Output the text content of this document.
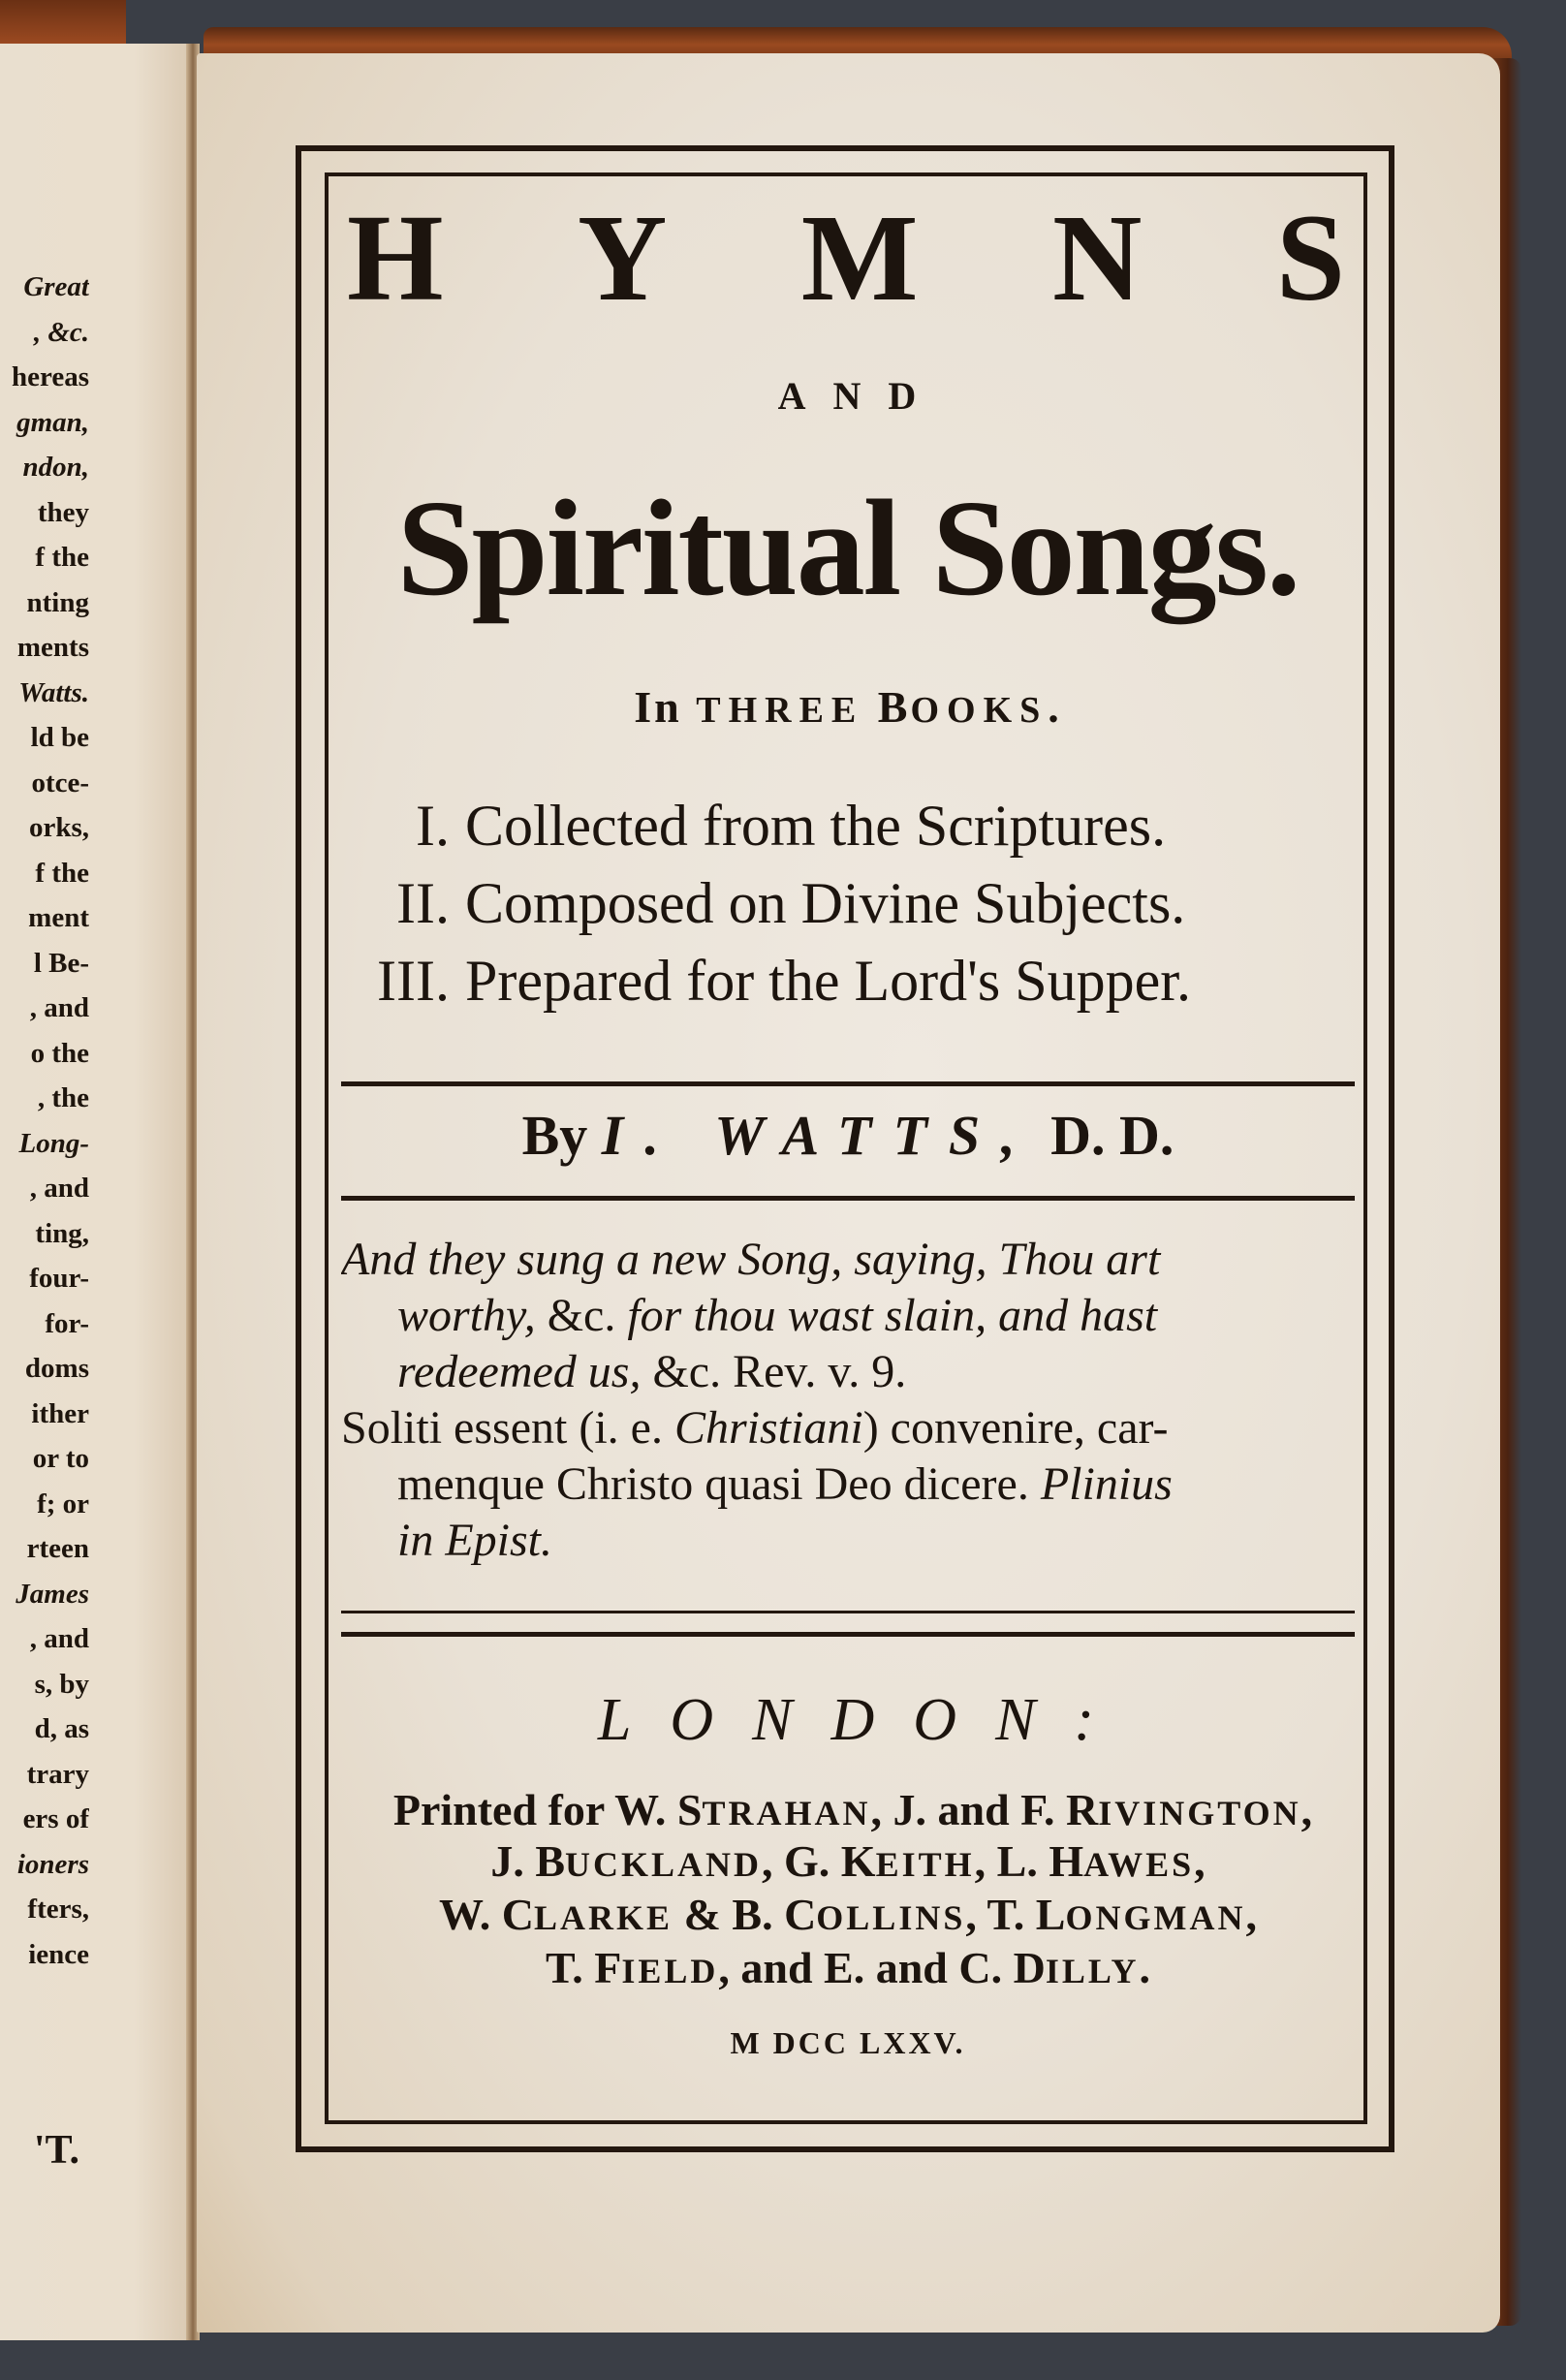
Great
, &c.
hereas
gman,
ndon,
they
f the
nting
ments
Watts.
ld be
otce-
orks,
f the
ment
l Be-
, and
o the
, the
Long-
, and
ting,
four-
for-
doms
ither
or to
f; or
rteen
James
, and
s, by
d, as
trary
ers of
ioners
fters,
ience
'T.
H Y M N S
AND
Spiritual Songs.
In THREE BOOKS.
I. Collected from the Scriptures.
II. Composed on Divine Subjects.
III. Prepared for the Lord's Supper.
By I. WATTS, D. D.
And they sung a new Song, saying, Thou art
worthy, &c. for thou wast slain, and hast
redeemed us, &c. Rev. v. 9.
Soliti essent (i. e. Christiani) convenire, car-
menque Christo quasi Deo dicere. Plinius
in Epist.
LONDON:
Printed for W. STRAHAN, J. and F. RIVINGTON,
J. BUCKLAND, G. KEITH, L. HAWES,
W. CLARKE & B. COLLINS, T. LONGMAN,
T. FIELD, and E. and C. DILLY.
M DCC LXXV.
